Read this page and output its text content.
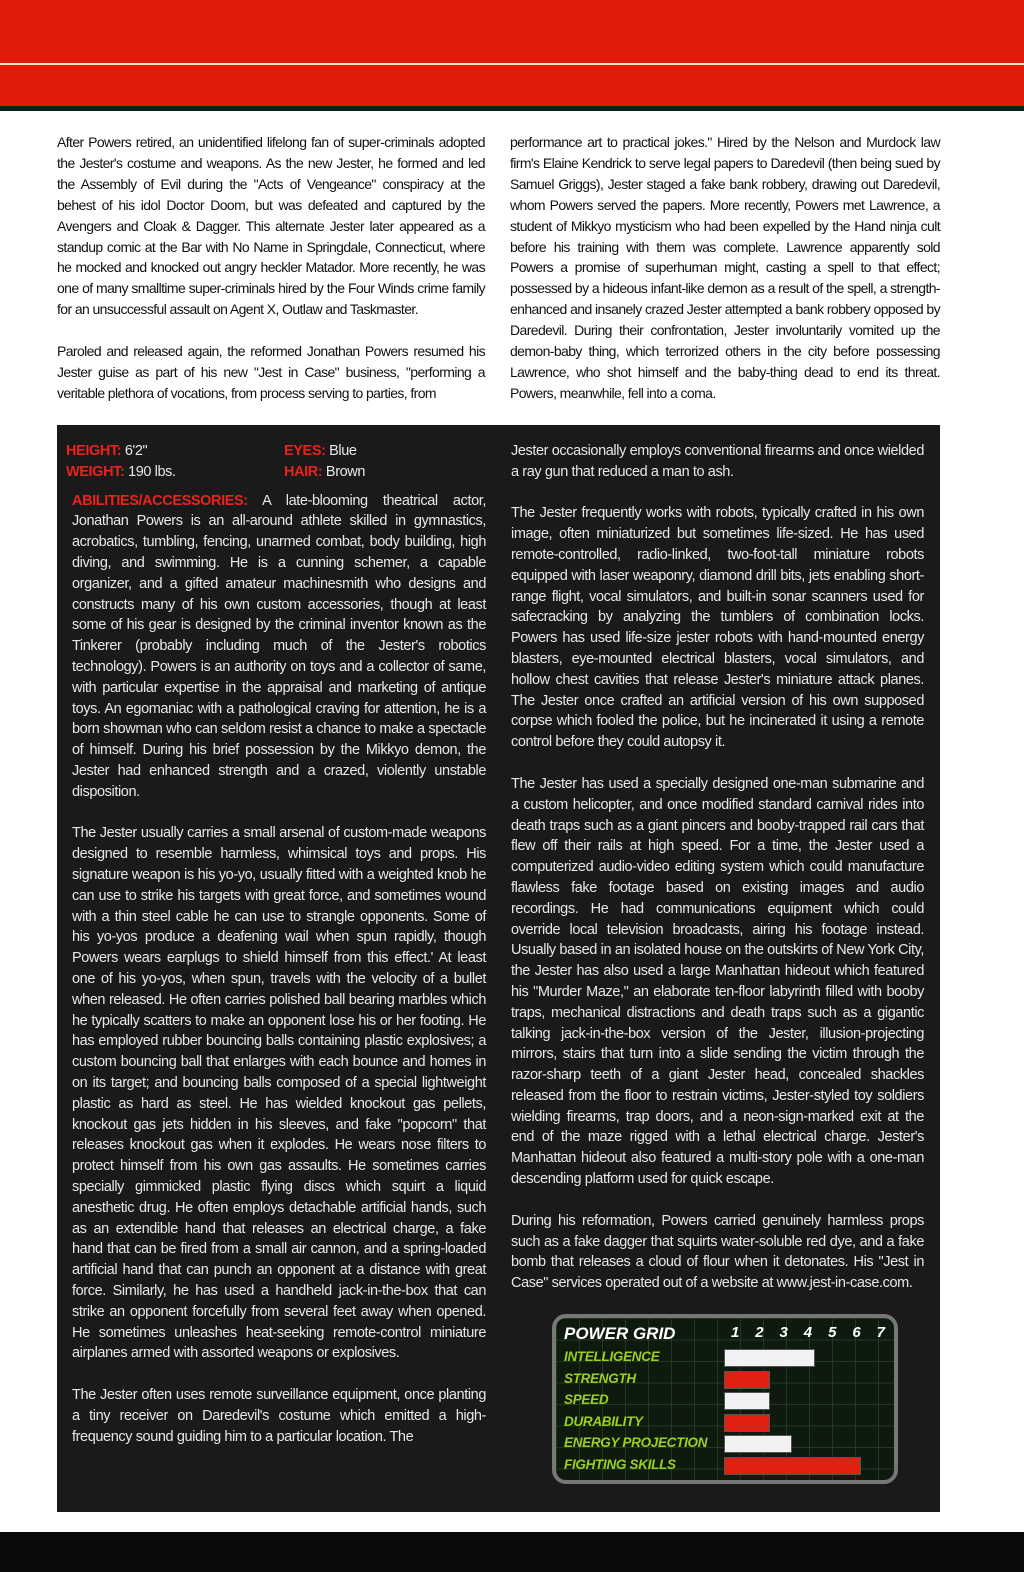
After Powers retired, an unidentified lifelong fan of super-criminals adopted the Jester's costume and weapons. As the new Jester, he formed and led the Assembly of Evil during the "Acts of Vengeance" conspiracy at the behest of his idol Doctor Doom, but was defeated and captured by the Avengers and Cloak & Dagger. This alternate Jester later appeared as a standup comic at the Bar with No Name in Springdale, Connecticut, where he mocked and knocked out angry heckler Matador. More recently, he was one of many smalltime super-criminals hired by the Four Winds crime family for an unsuccessful assault on Agent X, Outlaw and Taskmaster.

Paroled and released again, the reformed Jonathan Powers resumed his Jester guise as part of his new "Jest in Case" business, "performing a veritable plethora of vocations, from process serving to parties, from

performance art to practical jokes." Hired by the Nelson and Murdock law firm's Elaine Kendrick to serve legal papers to Daredevil (then being sued by Samuel Griggs), Jester staged a fake bank robbery, drawing out Daredevil, whom Powers served the papers. More recently, Powers met Lawrence, a student of Mikkyo mysticism who had been expelled by the Hand ninja cult before his training with them was complete. Lawrence apparently sold Powers a promise of superhuman might, casting a spell to that effect; possessed by a hideous infant-like demon as a result of the spell, a strength-enhanced and insanely crazed Jester attempted a bank robbery opposed by Daredevil. During their confrontation, Jester involuntarily vomited up the demon-baby thing, which terrorized others in the city before possessing Lawrence, who shot himself and the baby-thing dead to end its threat. Powers, meanwhile, fell into a coma.

HEIGHT: 6'2"	EYES: Blue
WEIGHT: 190 lbs.	HAIR: Brown

ABILITIES/ACCESSORIES: A late-blooming theatrical actor, Jonathan Powers is an all-around athlete skilled in gymnastics, acrobatics, tumbling, fencing, unarmed combat, body building, high diving, and swimming. He is a cunning schemer, a capable organizer, and a gifted amateur machinesmith who designs and constructs many of his own custom accessories, though at least some of his gear is designed by the criminal inventor known as the Tinkerer (probably including much of the Jester's robotics technology). Powers is an authority on toys and a collector of same, with particular expertise in the appraisal and marketing of antique toys. An egomaniac with a pathological craving for attention, he is a born showman who can seldom resist a chance to make a spectacle of himself. During his brief possession by the Mikkyo demon, the Jester had enhanced strength and a crazed, violently unstable disposition.

The Jester usually carries a small arsenal of custom-made weapons designed to resemble harmless, whimsical toys and props. His signature weapon is his yo-yo, usually fitted with a weighted knob he can use to strike his targets with great force, and sometimes wound with a thin steel cable he can use to strangle opponents. Some of his yo-yos produce a deafening wail when spun rapidly, though Powers wears earplugs to shield himself from this effect.' At least one of his yo-yos, when spun, travels with the velocity of a bullet when released. He often carries polished ball bearing marbles which he typically scatters to make an opponent lose his or her footing. He has employed rubber bouncing balls containing plastic explosives; a custom bouncing ball that enlarges with each bounce and homes in on its target; and bouncing balls composed of a special lightweight plastic as hard as steel. He has wielded knockout gas pellets, knockout gas jets hidden in his sleeves, and fake "popcorn" that releases knockout gas when it explodes. He wears nose filters to protect himself from his own gas assaults. He sometimes carries specially gimmicked plastic flying discs which squirt a liquid anesthetic drug. He often employs detachable artificial hands, such as an extendible hand that releases an electrical charge, a fake hand that can be fired from a small air cannon, and a spring-loaded artificial hand that can punch an opponent at a distance with great force. Similarly, he has used a handheld jack-in-the-box that can strike an opponent forcefully from several feet away when opened. He sometimes unleashes heat-seeking remote-control miniature airplanes armed with assorted weapons or explosives.

The Jester often uses remote surveillance equipment, once planting a tiny receiver on Daredevil's costume which emitted a high-frequency sound guiding him to a particular location. The

Jester occasionally employs conventional firearms and once wielded a ray gun that reduced a man to ash.

The Jester frequently works with robots, typically crafted in his own image, often miniaturized but sometimes life-sized. He has used remote-controlled, radio-linked, two-foot-tall miniature robots equipped with laser weaponry, diamond drill bits, jets enabling short-range flight, vocal simulators, and built-in sonar scanners used for safecracking by analyzing the tumblers of combination locks. Powers has used life-size jester robots with hand-mounted energy blasters, eye-mounted electrical blasters, vocal simulators, and hollow chest cavities that release Jester's miniature attack planes. The Jester once crafted an artificial version of his own supposed corpse which fooled the police, but he incinerated it using a remote control before they could autopsy it.

The Jester has used a specially designed one-man submarine and a custom helicopter, and once modified standard carnival rides into death traps such as a giant pincers and booby-trapped rail cars that flew off their rails at high speed. For a time, the Jester used a computerized audio-video editing system which could manufacture flawless fake footage based on existing images and audio recordings. He had communications equipment which could override local television broadcasts, airing his footage instead. Usually based in an isolated house on the outskirts of New York City, the Jester has also used a large Manhattan hideout which featured his "Murder Maze," an elaborate ten-floor labyrinth filled with booby traps, mechanical distractions and death traps such as a gigantic talking jack-in-the-box version of the Jester, illusion-projecting mirrors, stairs that turn into a slide sending the victim through the razor-sharp teeth of a giant Jester head, concealed shackles released from the floor to restrain victims, Jester-styled toy soldiers wielding firearms, trap doors, and a neon-sign-marked exit at the end of the maze rigged with a lethal electrical charge. Jester's Manhattan hideout also featured a multi-story pole with a one-man descending platform used for quick escape.

During his reformation, Powers carried genuinely harmless props such as a fake dagger that squirts water-soluble red dye, and a fake bomb that releases a cloud of flour when it detonates. His "Jest in Case" services operated out of a website at www.jest-in-case.com.

POWER GRID	1 2 3 4 5 6 7
INTELLIGENCE
STRENGTH
SPEED
DURABILITY
ENERGY PROJECTION
FIGHTING SKILLS
